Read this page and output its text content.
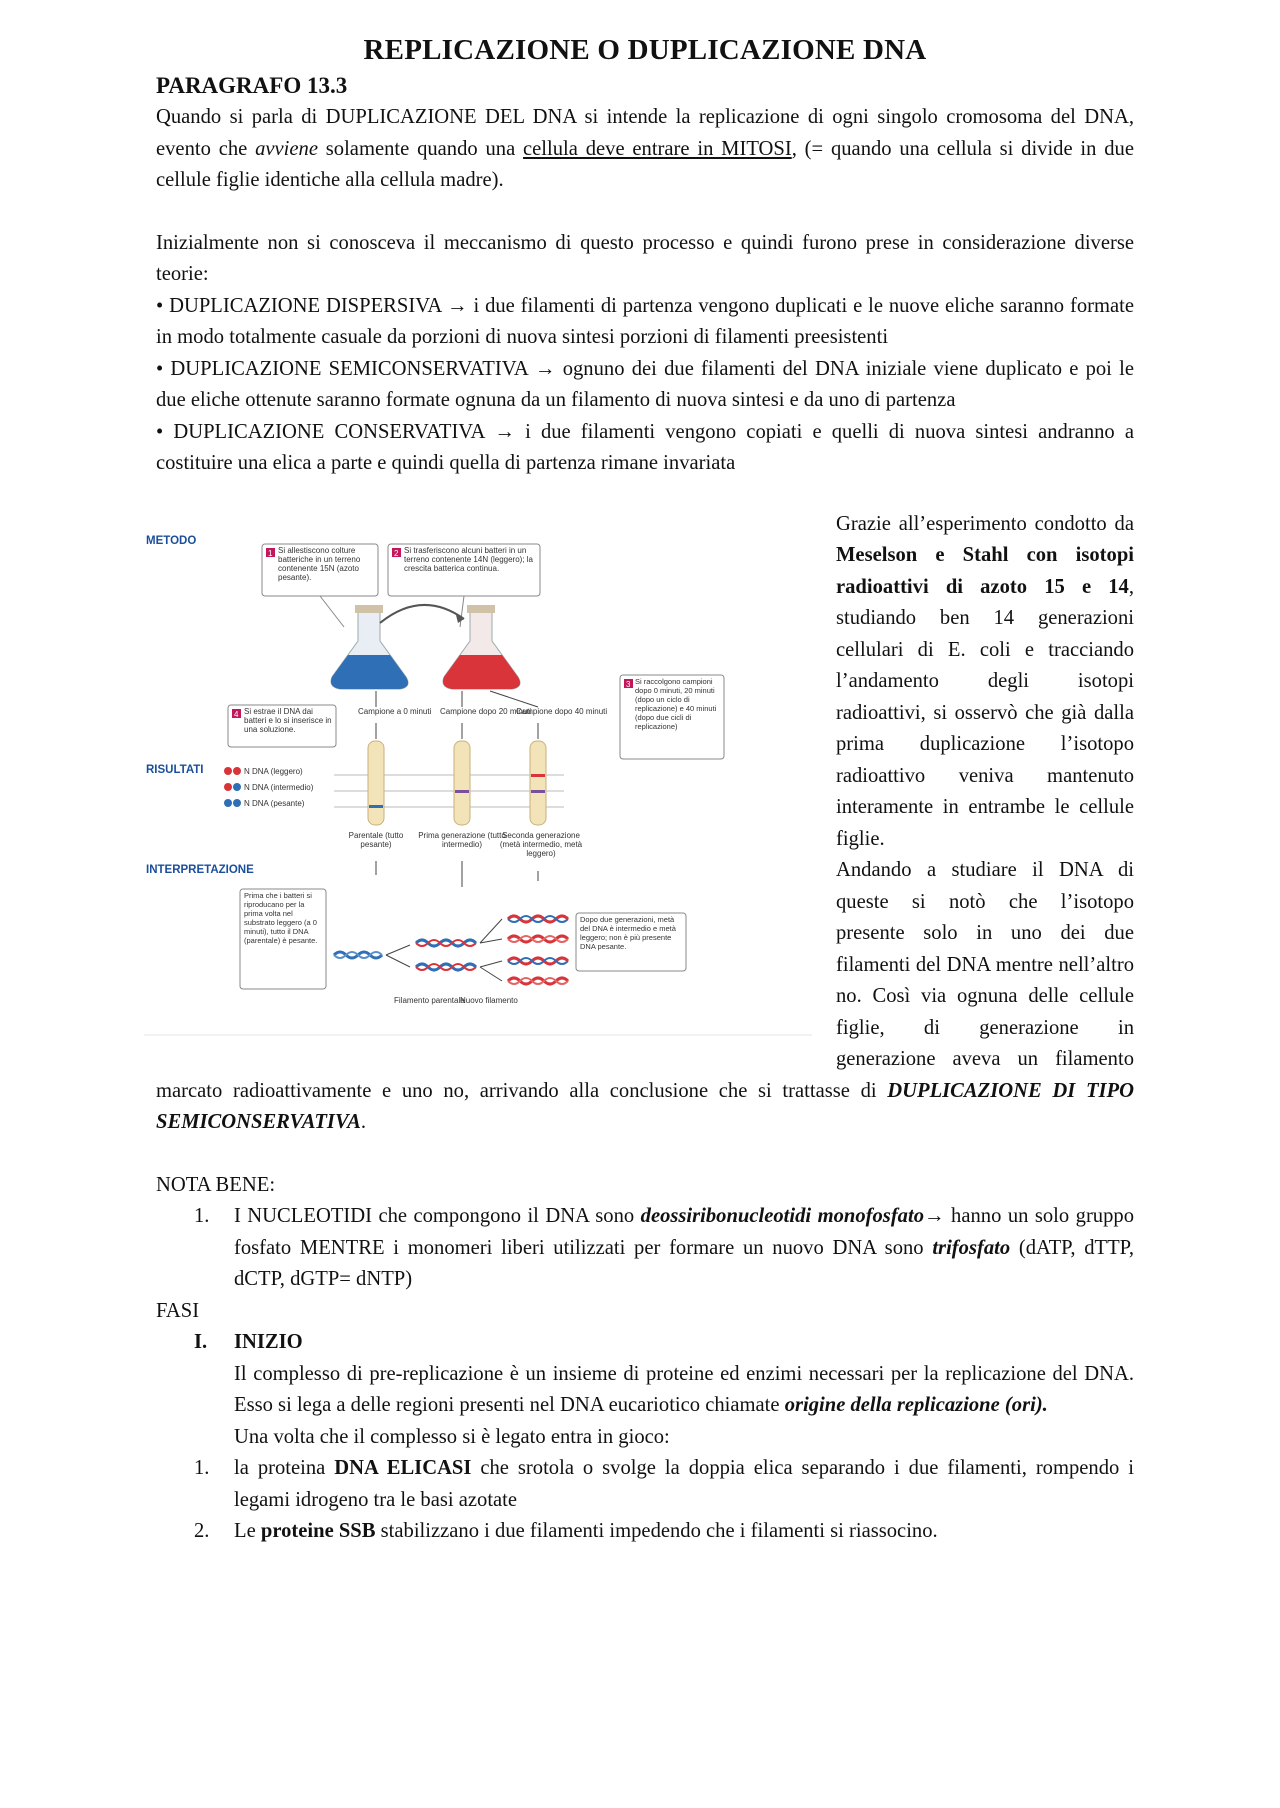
REPLICAZIONE O DUPLICAZIONE DNA
PARAGRAFO 13.3

Quando si parla di DUPLICAZIONE DEL DNA si intende la replicazione di ogni singolo cromosoma del DNA, evento che avviene solamente quando una cellula deve entrare in MITOSI, (= quando una cellula si divide in due cellule figlie identiche alla cellula madre).

Inizialmente non si conosceva il meccanismo di questo processo e quindi furono prese in considerazione diverse teorie:

• DUPLICAZIONE DISPERSIVA → i due filamenti di partenza vengono duplicati e le nuove eliche saranno formate in modo totalmente casuale da porzioni di nuova sintesi porzioni di filamenti preesistenti

• DUPLICAZIONE SEMICONSERVATIVA → ognuno dei due filamenti del DNA iniziale viene duplicato e poi le due eliche ottenute saranno formate ognuna da un filamento di nuova sintesi e da uno di partenza

• DUPLICAZIONE CONSERVATIVA → i due filamenti vengono copiati e quelli di nuova sintesi andranno a costituire una elica a parte e quindi quella di partenza rimane invariata

METODO
RISULTATI
INTERPRETAZIONE
1 Si allestiscono colture batteriche in un terreno contenente 15N (azoto pesante).
2 Si trasferiscono alcuni batteri in un terreno contenente 14N (leggero); la crescita batterica continua.
Campione a 0 minuti Campione dopo 20 minuti
Campione dopo 40 minuti
3 Si raccolgono campioni dopo 0 minuti, 20 minuti (dopo un ciclo di replicazione) e 40 minuti (dopo due cicli di replicazione)
4 Si estrae il DNA dai batteri e lo si inserisce in una soluzione.
N DNA (leggero)
N DNA (intermedio)
N DNA (pesante)
Parentale (tutto pesante)
Prima generazione (tutto intermedio)
Seconda generazione (metà intermedio, metà leggero)
Prima che i batteri si riproducano per la prima volta nel substrato leggero (a 0 minuti), tutto il DNA (parentale) è pesante.
Dopo due generazioni, metà del DNA è intermedio e metà leggero; non è più presente DNA pesante.
Filamento parentale
Nuovo filamento

Grazie all’esperimento condotto da Meselson e Stahl con isotopi radioattivi di azoto 15 e 14, studiando ben 14 generazioni cellulari di E. coli e tracciando l’andamento degli isotopi radioattivi, si osservò che già dalla prima duplicazione l’isotopo radioattivo veniva mantenuto interamente in entrambe le cellule figlie.
Andando a studiare il DNA di queste si notò che l’isotopo presente solo in uno dei due filamenti del DNA mentre nell’altro no. Così via ognuna delle cellule figlie, di generazione in generazione aveva un filamento marcato radioattivamente e uno no, arrivando alla conclusione che si trattasse di DUPLICAZIONE DI TIPO SEMICONSERVATIVA.

NOTA BENE:
1.	I NUCLEOTIDI che compongono il DNA sono deossiribonucleotidi monofosfato→ hanno un solo gruppo fosfato MENTRE i monomeri liberi utilizzati per formare un nuovo DNA sono trifosfato (dATP, dTTP, dCTP, dGTP= dNTP)
FASI
I.	INIZIO

Il complesso di pre-replicazione è un insieme di proteine ed enzimi necessari per la replicazione del DNA. Esso si lega a delle regioni presenti nel DNA eucariotico chiamate origine della replicazione (ori).

Una volta che il complesso si è legato entra in gioco:

1.	la proteina DNA ELICASI che srotola o svolge la doppia elica separando i due filamenti, rompendo i legami idrogeno tra le basi azotate
2.	Le proteine SSB stabilizzano i due filamenti impedendo che i filamenti si riassocino.
